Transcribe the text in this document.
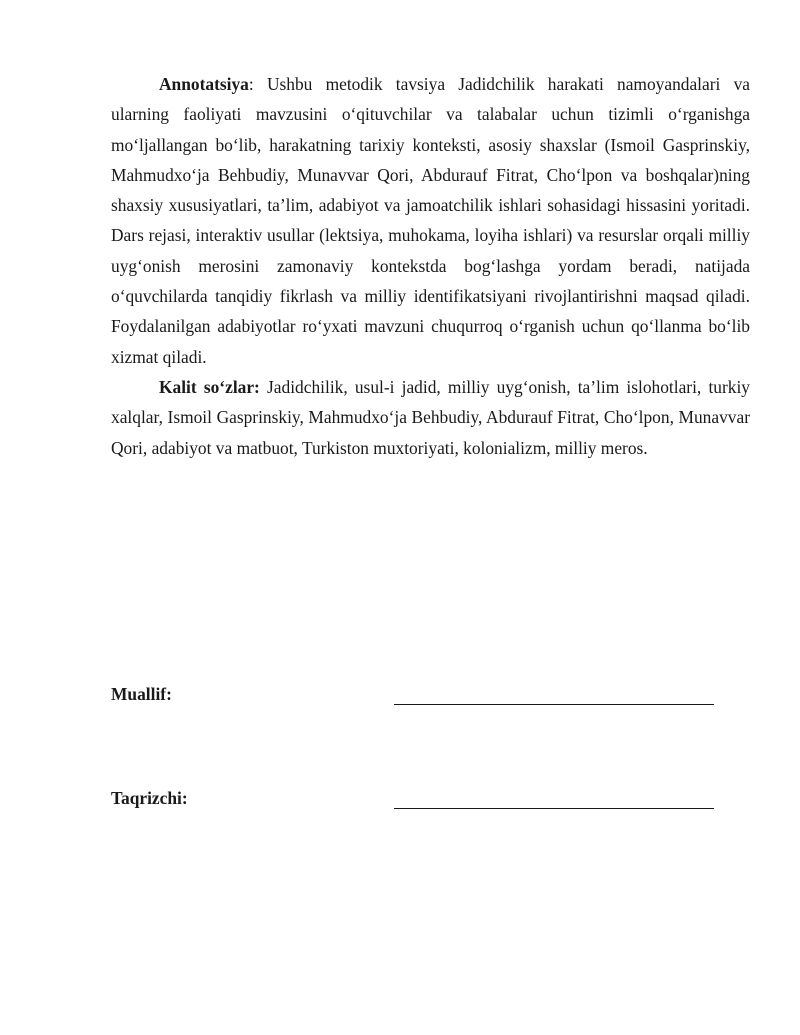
Annotatsiya: Ushbu metodik tavsiya Jadidchilik harakati namoyandalari va ularning faoliyati mavzusini o‘qituvchilar va talabalar uchun tizimli o‘rganishga mo‘ljallangan bo‘lib, harakatning tarixiy konteksti, asosiy shaxslar (Ismoil Gasprinskiy, Mahmudxo‘ja Behbudiy, Munavvar Qori, Abdurauf Fitrat, Cho‘lpon va boshqalar)ning shaxsiy xususiyatlari, ta’lim, adabiyot va jamoatchilik ishlari sohasidagi hissasini yoritadi. Dars rejasi, interaktiv usullar (lektsiya, muhokama, loyiha ishlari) va resurslar orqali milliy uyg‘onish merosini zamonaviy kontekstda bog‘lashga yordam beradi, natijada o‘quvchilarda tanqidiy fikrlash va milliy identifikatsiyani rivojlantirishni maqsad qiladi. Foydalanilgan adabiyotlar ro‘yxati mavzuni chuqurroq o‘rganish uchun qo‘llanma bo‘lib xizmat qiladi.

Kalit so‘zlar: Jadidchilik, usul-i jadid, milliy uyg‘onish, ta’lim islohotlari, turkiy xalqlar, Ismoil Gasprinskiy, Mahmudxo‘ja Behbudiy, Abdurauf Fitrat, Cho‘lpon, Munavvar Qori, adabiyot va matbuot, Turkiston muxtoriyati, kolonializm, milliy meros.

Muallif:
Taqrizchi:
